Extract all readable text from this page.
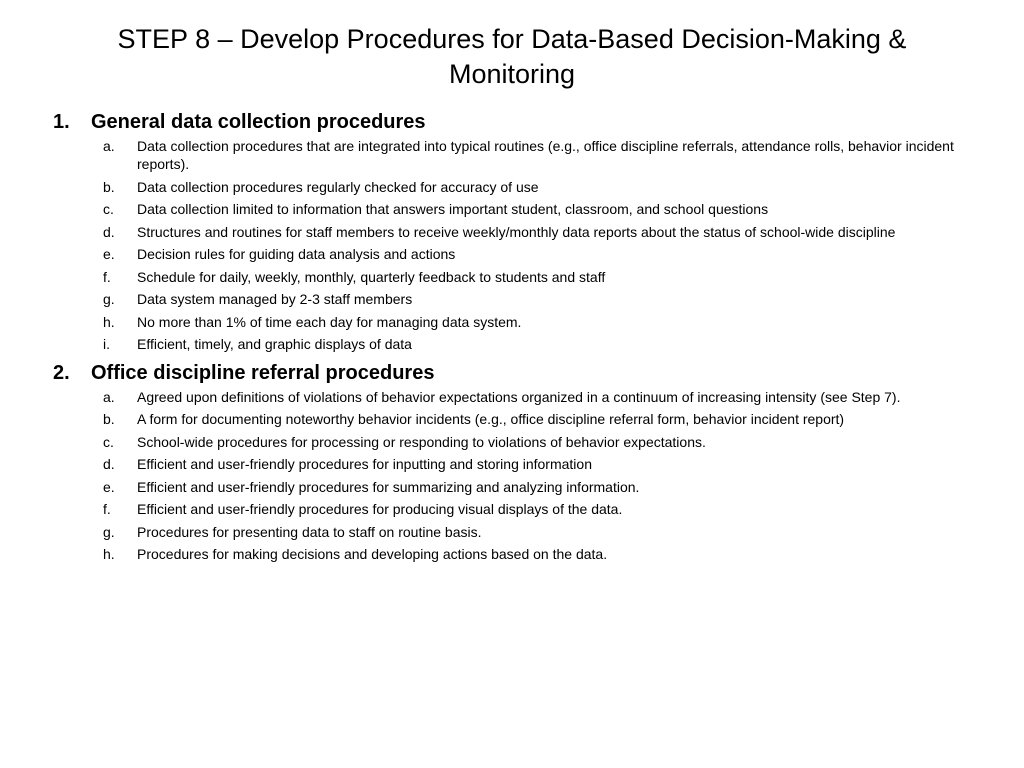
STEP 8 – Develop Procedures for Data-Based Decision-Making & Monitoring
1. General data collection procedures
a. Data collection procedures that are integrated into typical routines (e.g., office discipline referrals, attendance rolls, behavior incident reports).
b. Data collection procedures regularly checked for accuracy of use
c. Data collection limited to information that answers important student, classroom, and school questions
d. Structures and routines for staff members to receive weekly/monthly data reports about the status of school-wide discipline
e. Decision rules for guiding data analysis and actions
f. Schedule for daily, weekly, monthly, quarterly feedback to students and staff
g. Data system managed by 2-3 staff members
h. No more than 1% of time each day for managing data system.
i. Efficient, timely, and graphic displays of data
2. Office discipline referral procedures
a. Agreed upon definitions of violations of behavior expectations organized in a continuum of increasing intensity (see Step 7).
b. A form for documenting noteworthy behavior incidents (e.g., office discipline referral form, behavior incident report)
c. School-wide procedures for processing or responding to violations of behavior expectations.
d. Efficient and user-friendly procedures for inputting and storing information
e. Efficient and user-friendly procedures for summarizing and analyzing information.
f. Efficient and user-friendly procedures for producing visual displays of the data.
g. Procedures for presenting data to staff on routine basis.
h. Procedures for making decisions and developing actions based on the data.
